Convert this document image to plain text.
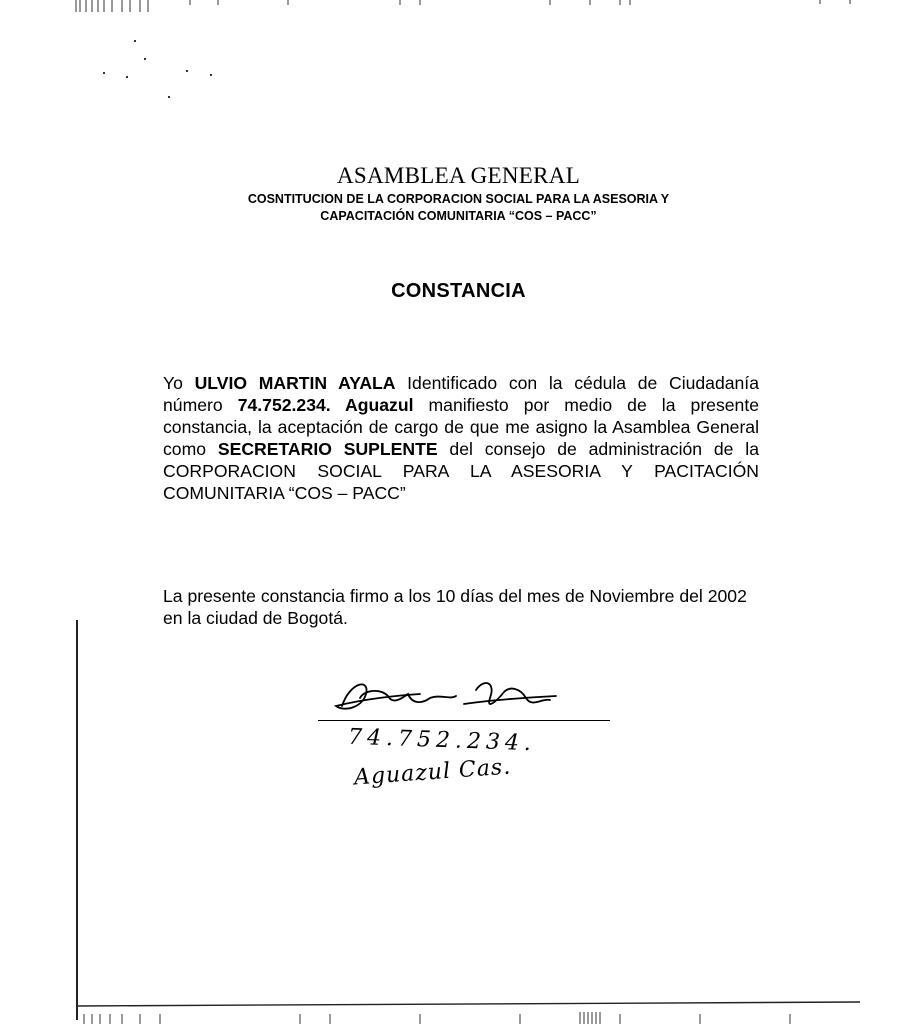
ASAMBLEA GENERAL
COSNTITUCION DE LA CORPORACION SOCIAL PARA LA ASESORIA Y
CAPACITACIÓN COMUNITARIA “COS – PACC”
CONSTANCIA

Yo ULVIO MARTIN AYALA Identificado con la cédula de Ciudadanía número 74.752.234. Aguazul manifiesto por medio de la presente constancia, la aceptación de cargo de que me asigno la Asamblea General como SECRETARIO SUPLENTE del consejo de administración de la CORPORACION SOCIAL PARA LA ASESORIA Y PACITACIÓN COMUNITARIA “COS – PACC”

La presente constancia firmo a los 10 días del mes de Noviembre del 2002 en la ciudad de Bogotá.

74.752.234.
Aguazul Cas.
